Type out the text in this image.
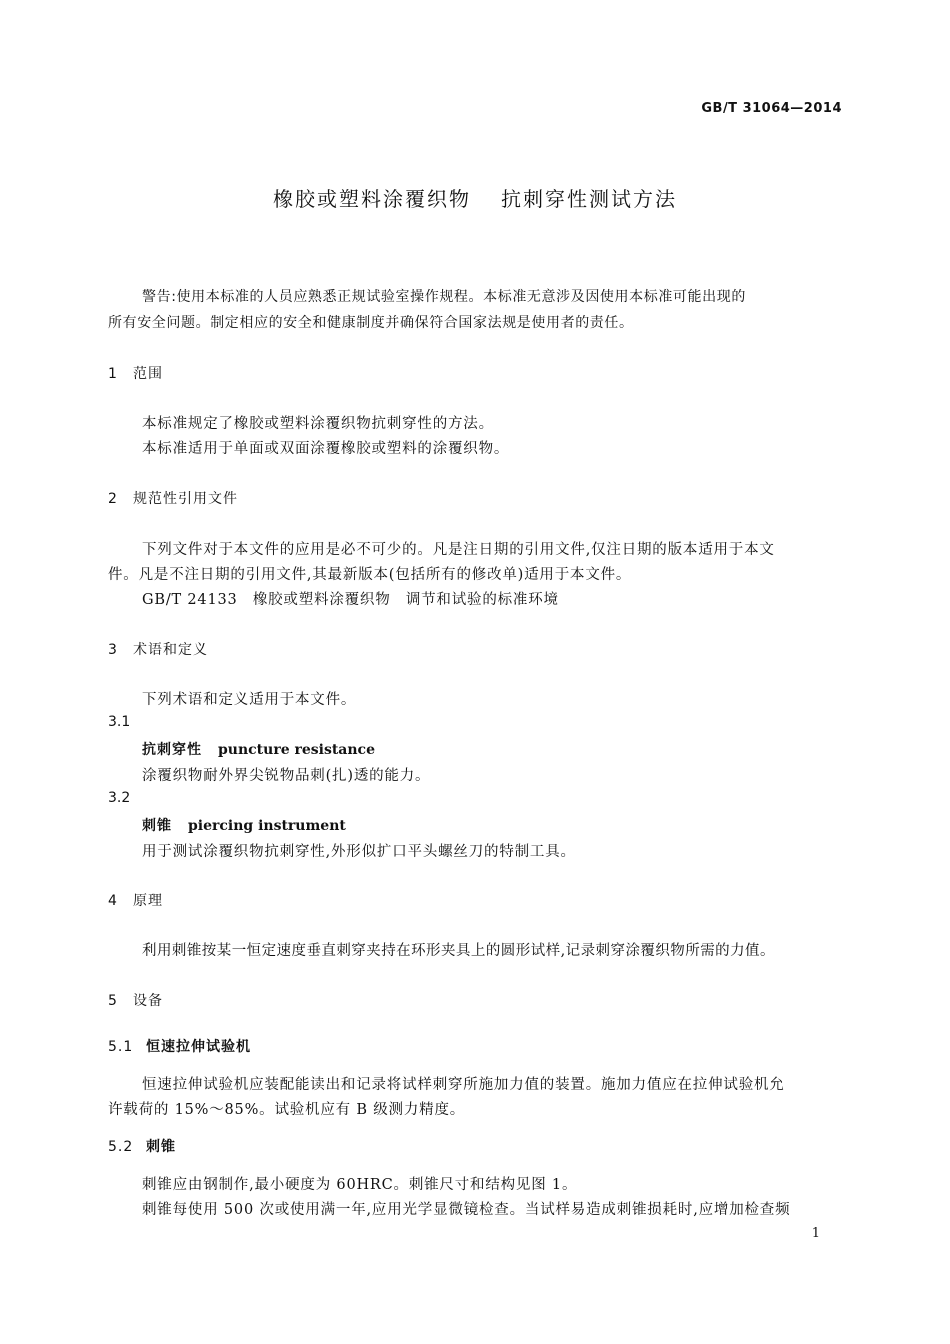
GB/T 31064—2014
橡胶或塑料涂覆织物 抗刺穿性测试方法
警告:使用本标准的人员应熟悉正规试验室操作规程。本标准无意涉及因使用本标准可能出现的
所有安全问题。制定相应的安全和健康制度并确保符合国家法规是使用者的责任。
1 范围
本标准规定了橡胶或塑料涂覆织物抗刺穿性的方法。
本标准适用于单面或双面涂覆橡胶或塑料的涂覆织物。
2 规范性引用文件
下列文件对于本文件的应用是必不可少的。凡是注日期的引用文件,仅注日期的版本适用于本文
件。凡是不注日期的引用文件,其最新版本(包括所有的修改单)适用于本文件。
GB/T 24133　橡胶或塑料涂覆织物　调节和试验的标准环境
3 术语和定义
下列术语和定义适用于本文件。
3.1
抗刺穿性 puncture resistance
涂覆织物耐外界尖锐物品刺(扎)透的能力。
3.2
刺锥 piercing instrument
用于测试涂覆织物抗刺穿性,外形似扩口平头螺丝刀的特制工具。
4 原理
利用刺锥按某一恒定速度垂直刺穿夹持在环形夹具上的圆形试样,记录刺穿涂覆织物所需的力值。
5 设备
5.1 恒速拉伸试验机
恒速拉伸试验机应装配能读出和记录将试样刺穿所施加力值的装置。施加力值应在拉伸试验机允
许载荷的 15%～85%。试验机应有 B 级测力精度。
5.2 刺锥
刺锥应由钢制作,最小硬度为 60HRC。刺锥尺寸和结构见图 1。
刺锥每使用 500 次或使用满一年,应用光学显微镜检查。当试样易造成刺锥损耗时,应增加检查频
1
